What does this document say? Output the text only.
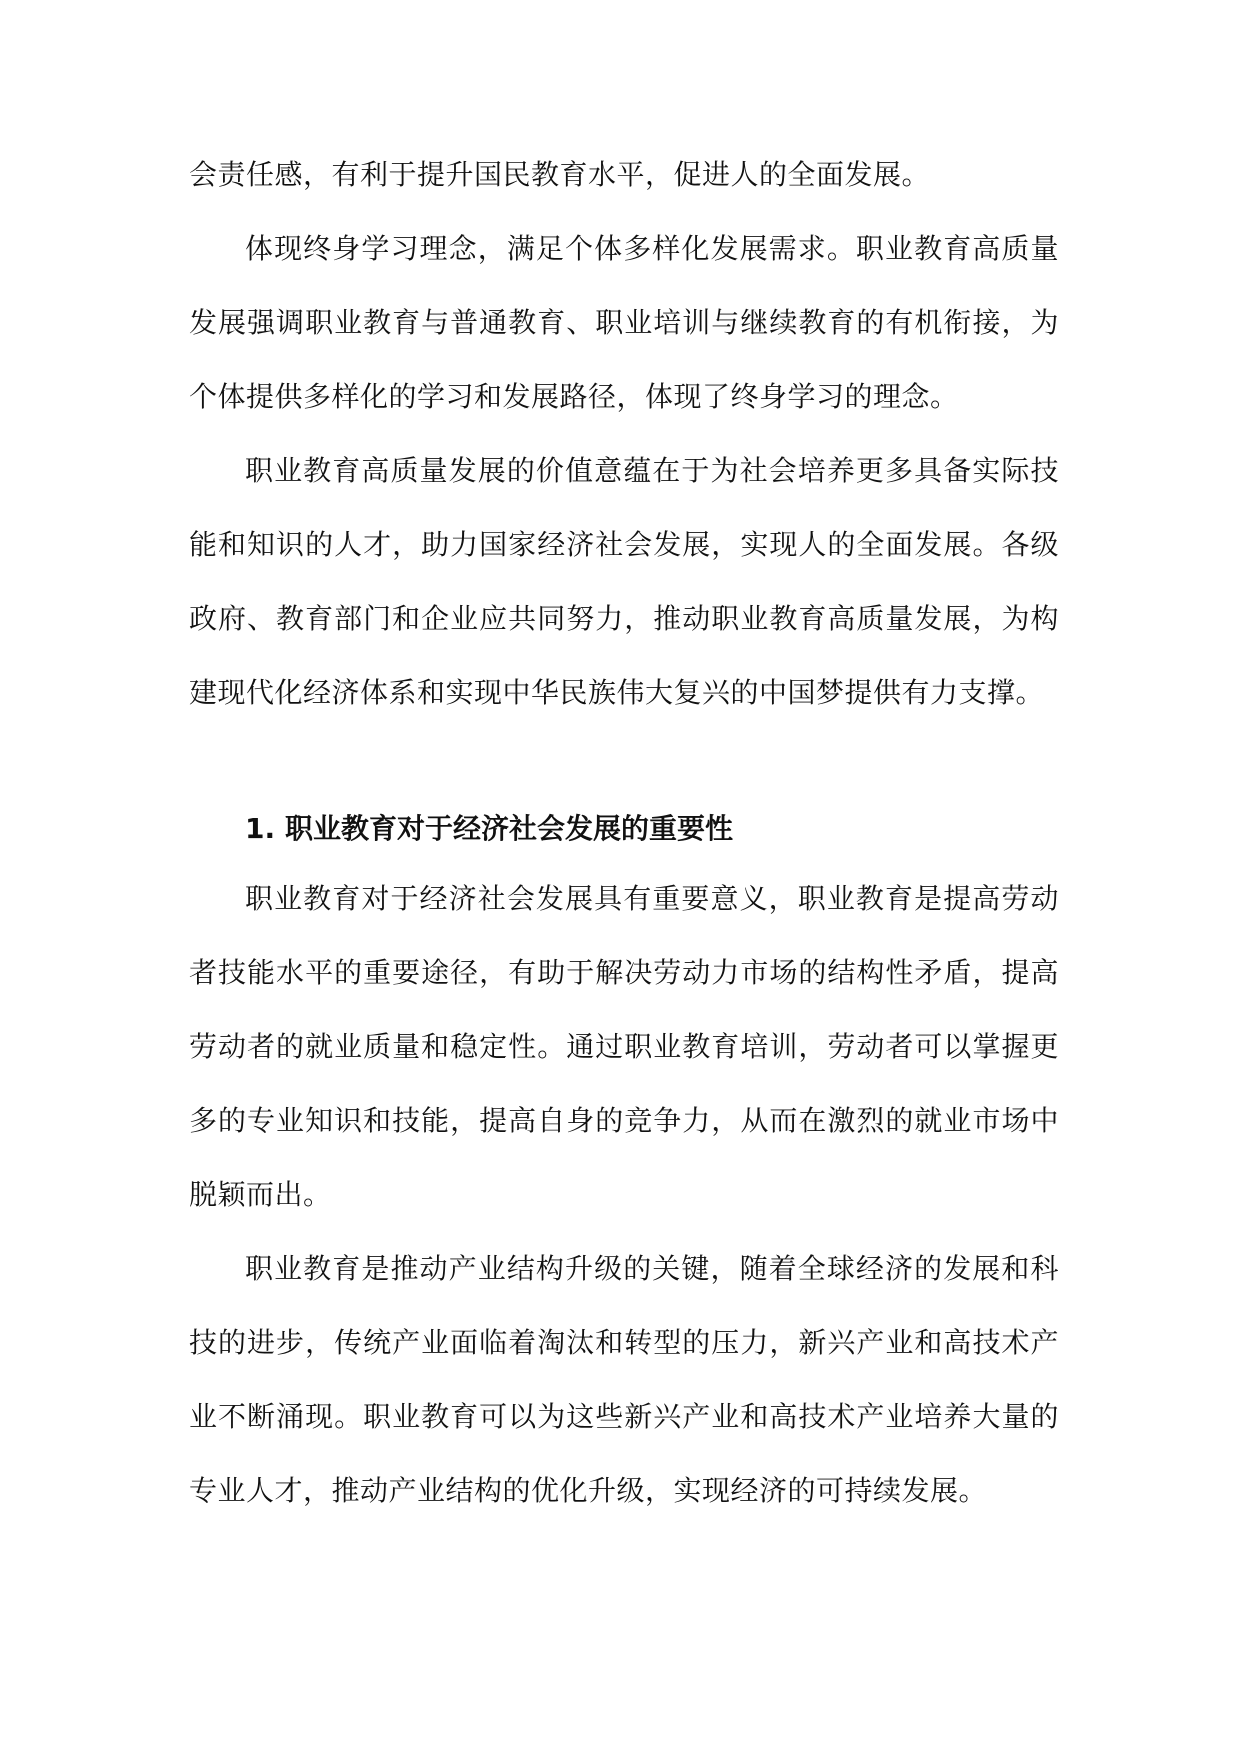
会责任感，有利于提升国民教育水平，促进人的全面发展。

体现终身学习理念，满足个体多样化发展需求。职业教育高质量发展强调职业教育与普通教育、职业培训与继续教育的有机衔接，为个体提供多样化的学习和发展路径，体现了终身学习的理念。

职业教育高质量发展的价值意蕴在于为社会培养更多具备实际技能和知识的人才，助力国家经济社会发展，实现人的全面发展。各级政府、教育部门和企业应共同努力，推动职业教育高质量发展，为构建现代化经济体系和实现中华民族伟大复兴的中国梦提供有力支撑。

1. 职业教育对于经济社会发展的重要性

职业教育对于经济社会发展具有重要意义，职业教育是提高劳动者技能水平的重要途径，有助于解决劳动力市场的结构性矛盾，提高劳动者的就业质量和稳定性。通过职业教育培训，劳动者可以掌握更多的专业知识和技能，提高自身的竞争力，从而在激烈的就业市场中脱颖而出。

职业教育是推动产业结构升级的关键，随着全球经济的发展和科技的进步，传统产业面临着淘汰和转型的压力，新兴产业和高技术产业不断涌现。职业教育可以为这些新兴产业和高技术产业培养大量的专业人才，推动产业结构的优化升级，实现经济的可持续发展。
